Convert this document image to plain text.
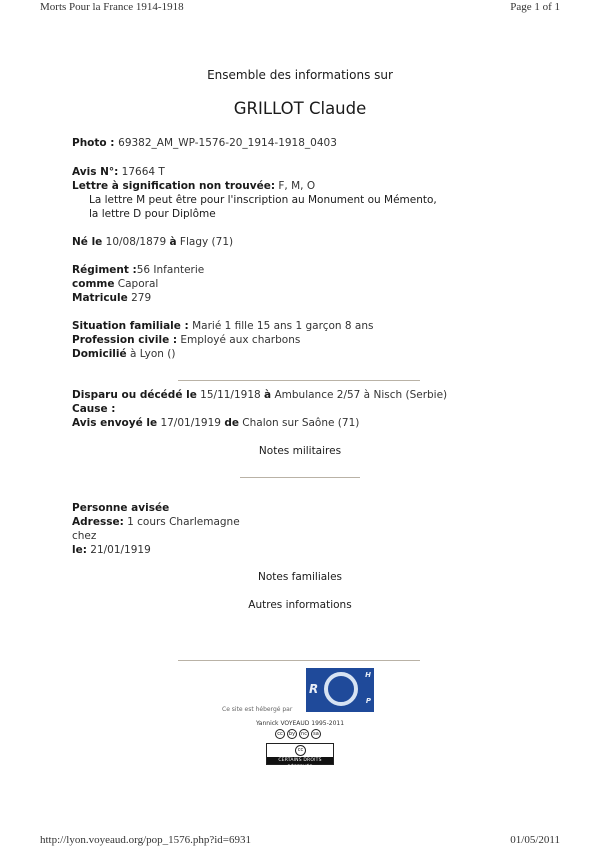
Morts Pour la France 1914-1918	Page 1 of 1
Ensemble des informations sur
GRILLOT Claude
Photo : 69382_AM_WP-1576-20_1914-1918_0403
Avis N°: 17664 T
Lettre à signification non trouvée: F, M, O
La lettre M peut être pour l'inscription au Monument ou Mémento,
la lettre D pour Diplôme
Né le 10/08/1879 à Flagy (71)
Régiment :56 Infanterie
comme Caporal
Matricule 279
Situation familiale : Marié 1 fille 15 ans 1 garçon 8 ans
Profession civile : Employé aux charbons
Domicilié à Lyon ()
Disparu ou décédé le 15/11/1918 à Ambulance 2/57 à Nisch (Serbie)
Cause :
Avis envoyé le 17/01/1919 de Chalon sur Saône (71)
Notes militaires
Personne avisée
Adresse: 1 cours Charlemagne
chez
le: 21/01/1919
Notes familiales
Autres informations
Ce site est hébergé par
R
H
P
Yannick VOYEAUD 1995-2011
cc	by	nc	sa
cc
CERTAINS DROITS RÉSERVÉS
http://lyon.voyeaud.org/pop_1576.php?id=6931	01/05/2011
